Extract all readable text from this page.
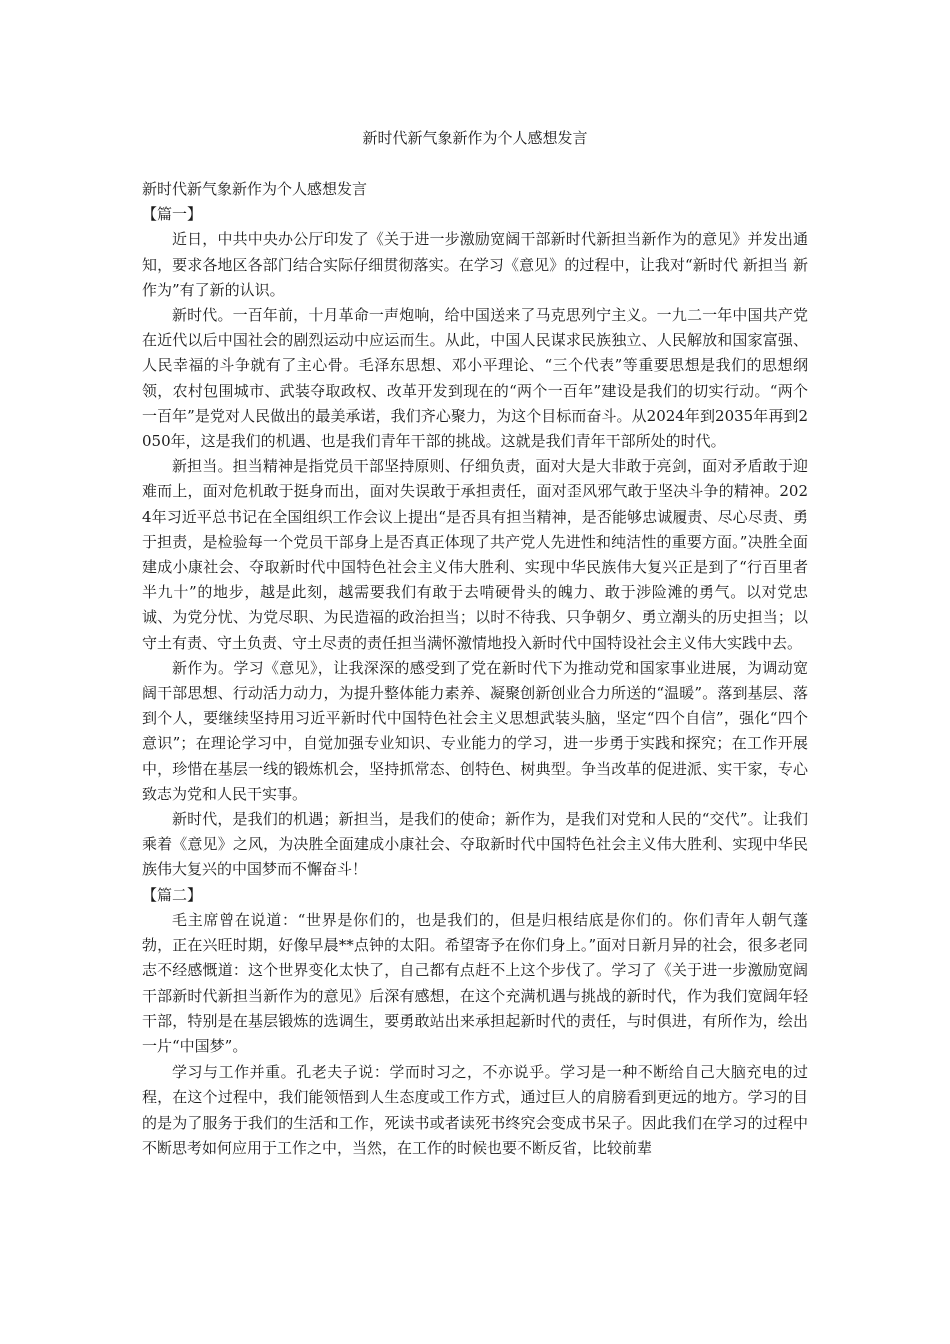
新时代新气象新作为个人感想发言

新时代新气象新作为个人感想发言

【篇一】

近日，中共中央办公厅印发了《关于进一步激励宽阔干部新时代新担当新作为的意见》并发出通知，要求各地区各部门结合实际仔细贯彻落实。在学习《意见》的过程中，让我对“新时代 新担当 新作为”有了新的认识。

新时代。一百年前，十月革命一声炮响，给中国送来了马克思列宁主义。一九二一年中国共产党在近代以后中国社会的剧烈运动中应运而生。从此，中国人民谋求民族独立、人民解放和国家富强、人民幸福的斗争就有了主心骨。毛泽东思想、邓小平理论、“三个代表”等重要思想是我们的思想纲领，农村包围城市、武装夺取政权、改革开发到现在的“两个一百年”建设是我们的切实行动。“两个一百年”是党对人民做出的最美承诺，我们齐心聚力，为这个目标而奋斗。从2024年到2035年再到2050年，这是我们的机遇、也是我们青年干部的挑战。这就是我们青年干部所处的时代。

新担当。担当精神是指党员干部坚持原则、仔细负责，面对大是大非敢于亮剑，面对矛盾敢于迎难而上，面对危机敢于挺身而出，面对失误敢于承担责任，面对歪风邪气敢于坚决斗争的精神。2024年习近平总书记在全国组织工作会议上提出“是否具有担当精神，是否能够忠诚履责、尽心尽责、勇于担责，是检验每一个党员干部身上是否真正体现了共产党人先进性和纯洁性的重要方面。”决胜全面建成小康社会、夺取新时代中国特色社会主义伟大胜利、实现中华民族伟大复兴正是到了“行百里者半九十”的地步，越是此刻，越需要我们有敢于去啃硬骨头的魄力、敢于涉险滩的勇气。以对党忠诚、为党分忧、为党尽职、为民造福的政治担当；以时不待我、只争朝夕、勇立潮头的历史担当；以守土有责、守土负责、守土尽责的责任担当满怀激情地投入新时代中国特设社会主义伟大实践中去。

新作为。学习《意见》，让我深深的感受到了党在新时代下为推动党和国家事业进展，为调动宽阔干部思想、行动活力动力，为提升整体能力素养、凝聚创新创业合力所送的“温暖”。落到基层、落到个人，要继续坚持用习近平新时代中国特色社会主义思想武装头脑，坚定“四个自信”，强化“四个意识”；在理论学习中，自觉加强专业知识、专业能力的学习，进一步勇于实践和探究；在工作开展中，珍惜在基层一线的锻炼机会，坚持抓常态、创特色、树典型。争当改革的促进派、实干家，专心致志为党和人民干实事。

新时代，是我们的机遇；新担当，是我们的使命；新作为，是我们对党和人民的“交代”。让我们乘着《意见》之风，为决胜全面建成小康社会、夺取新时代中国特色社会主义伟大胜利、实现中华民族伟大复兴的中国梦而不懈奋斗！

【篇二】

毛主席曾在说道：“世界是你们的，也是我们的，但是归根结底是你们的。你们青年人朝气蓬勃，正在兴旺时期，好像早晨**点钟的太阳。希望寄予在你们身上。”面对日新月异的社会，很多老同志不经感慨道：这个世界变化太快了，自己都有点赶不上这个步伐了。学习了《关于进一步激励宽阔干部新时代新担当新作为的意见》后深有感想，在这个充满机遇与挑战的新时代，作为我们宽阔年轻干部，特别是在基层锻炼的选调生，要勇敢站出来承担起新时代的责任，与时俱进，有所作为，绘出一片“中国梦”。

学习与工作并重。孔老夫子说：学而时习之，不亦说乎。学习是一种不断给自己大脑充电的过程，在这个过程中，我们能领悟到人生态度或工作方式，通过巨人的肩膀看到更远的地方。学习的目的是为了服务于我们的生活和工作，死读书或者读死书终究会变成书呆子。因此我们在学习的过程中不断思考如何应用于工作之中，当然，在工作的时候也要不断反省，比较前辈
